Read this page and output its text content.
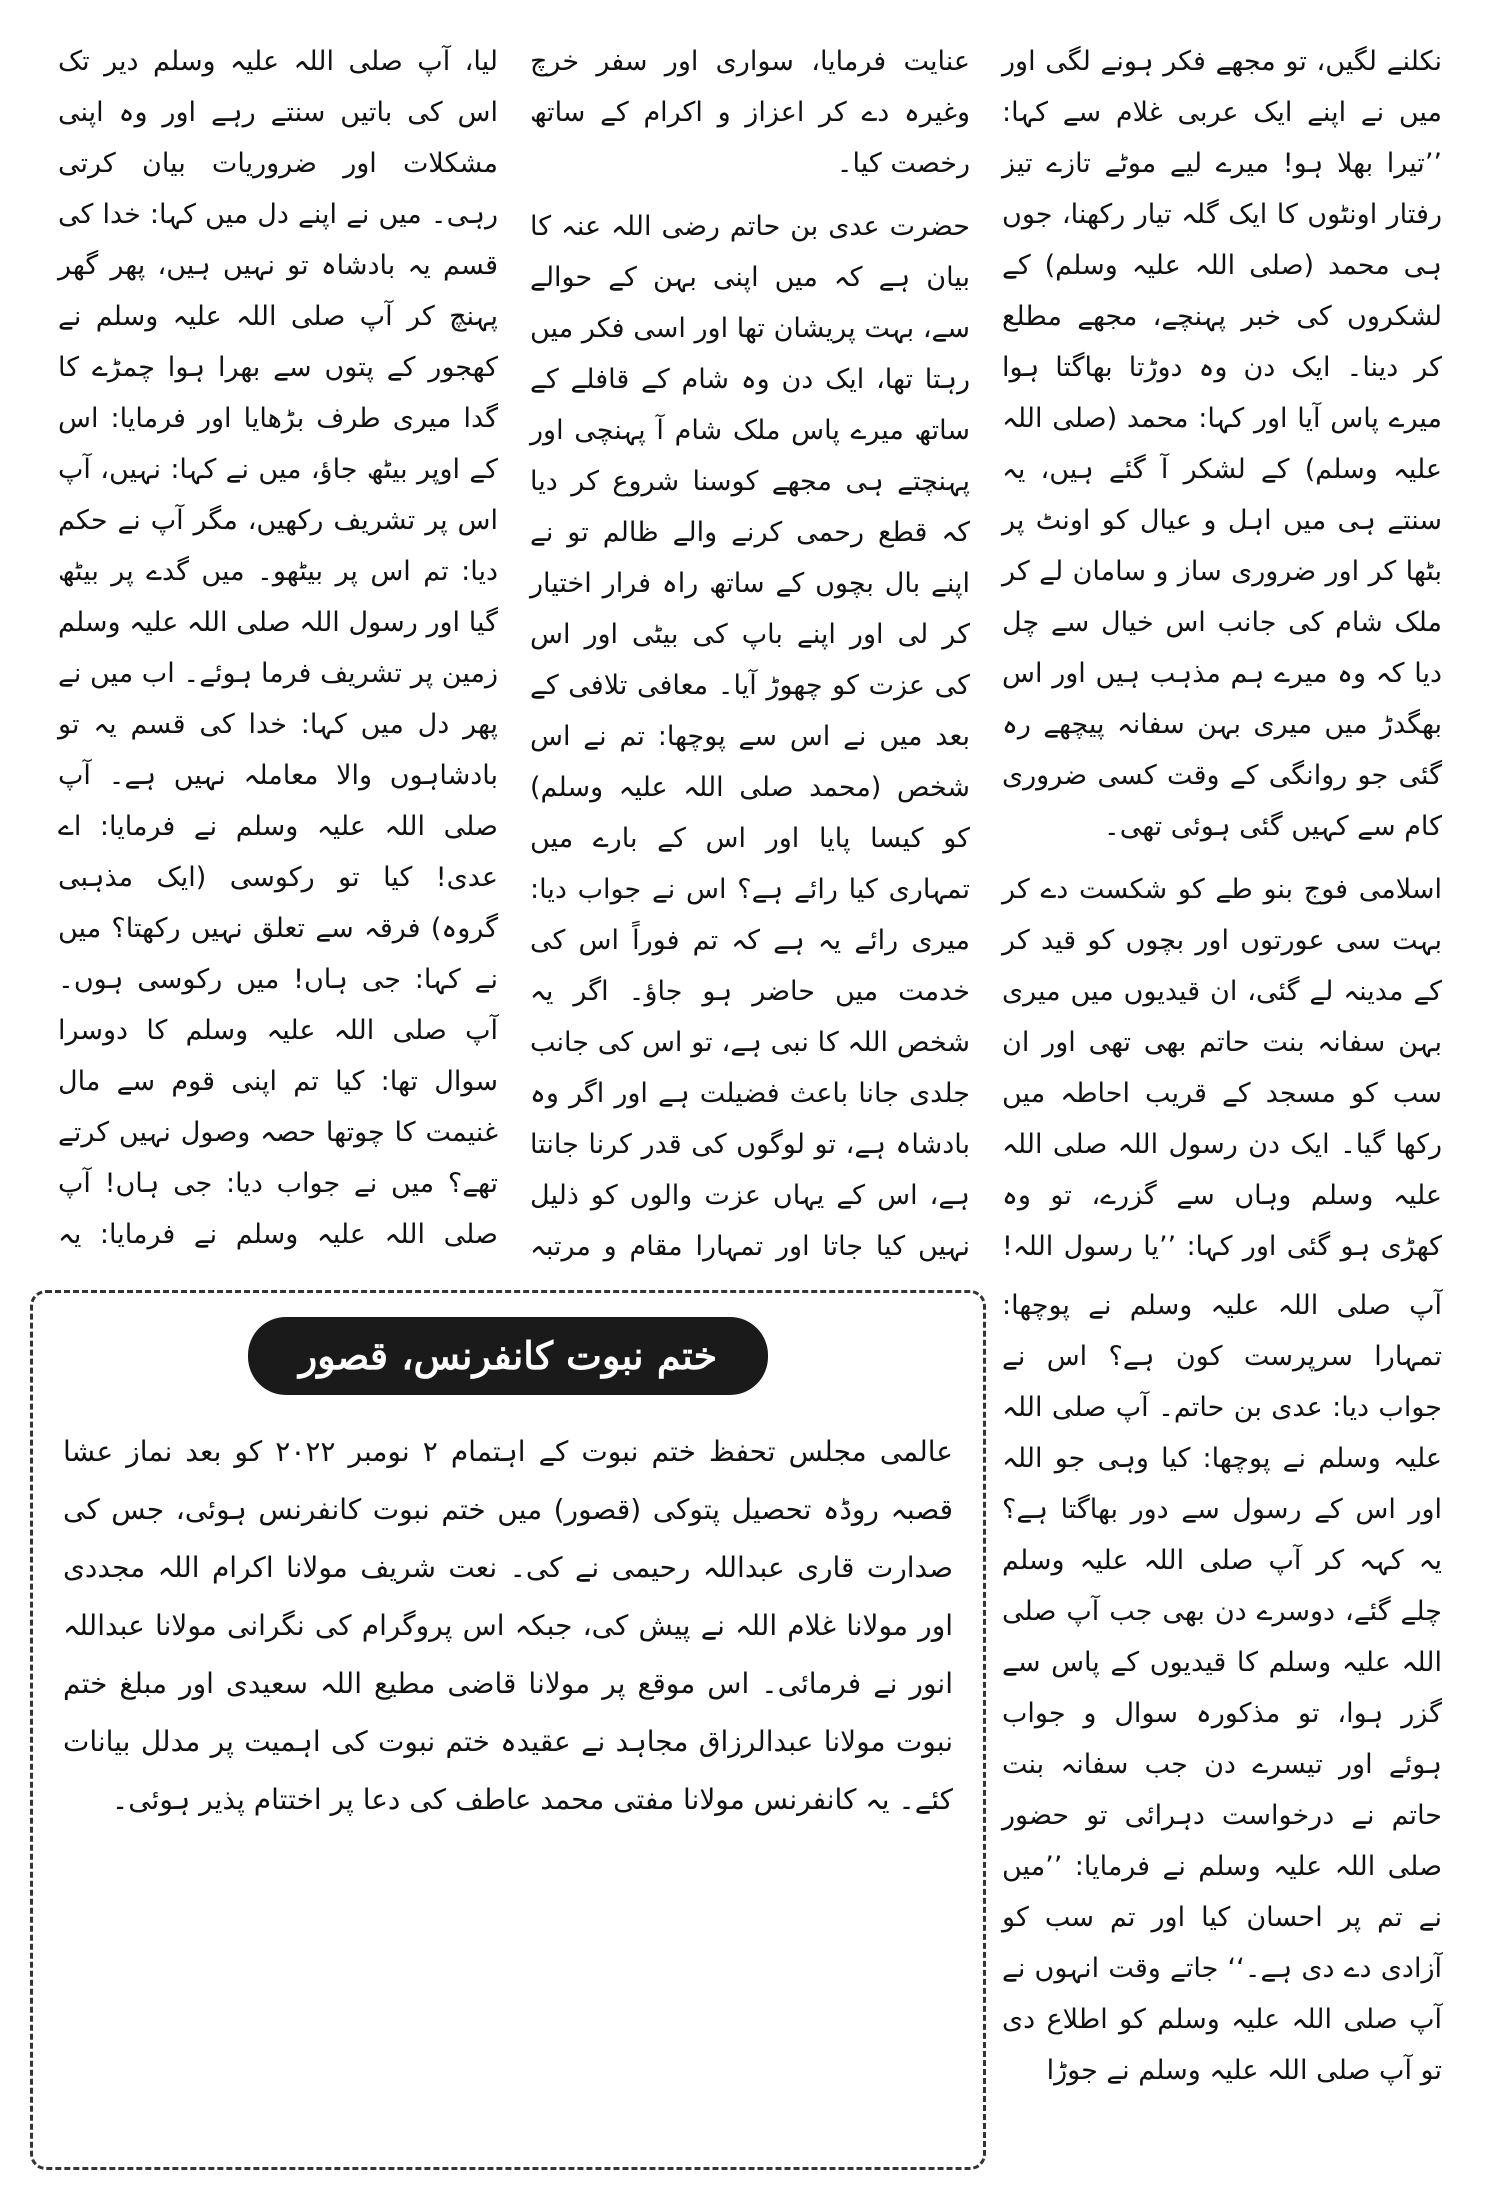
نکلنے لگیں، تو مجھے فکر ہونے لگی اور میں نے اپنے ایک عربی غلام سے کہا: ’’تیرا بھلا ہو! میرے لیے موٹے تازے تیز رفتار اونٹوں کا ایک گلہ تیار رکھنا، جوں ہی محمد (صلی اللہ علیہ وسلم) کے لشکروں کی خبر پہنچے، مجھے مطلع کر دینا۔ ایک دن وہ دوڑتا بھاگتا ہوا میرے پاس آیا اور کہا: محمد (صلی اللہ علیہ وسلم) کے لشکر آ گئے ہیں، یہ سنتے ہی میں اہل و عیال کو اونٹ پر بٹھا کر اور ضروری ساز و سامان لے کر ملک شام کی جانب اس خیال سے چل دیا کہ وہ میرے ہم مذہب ہیں اور اس بھگدڑ میں میری بہن سفانہ پیچھے رہ گئی جو روانگی کے وقت کسی ضروری کام سے کہیں گئی ہوئی تھی۔

اسلامی فوج بنو طے کو شکست دے کر بہت سی عورتوں اور بچوں کو قید کر کے مدینہ لے گئی، ان قیدیوں میں میری بہن سفانہ بنت حاتم بھی تھی اور ان سب کو مسجد کے قریب احاطہ میں رکھا گیا۔ ایک دن رسول اللہ صلی اللہ علیہ وسلم وہاں سے گزرے، تو وہ کھڑی ہو گئی اور کہا: ’’یا رسول اللہ!

عنایت فرمایا، سواری اور سفر خرچ وغیرہ دے کر اعزاز و اکرام کے ساتھ رخصت کیا۔

حضرت عدی بن حاتم رضی اللہ عنہ کا بیان ہے کہ میں اپنی بہن کے حوالے سے، بہت پریشان تھا اور اسی فکر میں رہتا تھا، ایک دن وہ شام کے قافلے کے ساتھ میرے پاس ملک شام آ پہنچی اور پہنچتے ہی مجھے کوسنا شروع کر دیا کہ قطع رحمی کرنے والے ظالم تو نے اپنے بال بچوں کے ساتھ راہ فرار اختیار کر لی اور اپنے باپ کی بیٹی اور اس کی عزت کو چھوڑ آیا۔ معافی تلافی کے بعد میں نے اس سے پوچھا: تم نے اس شخص (محمد صلی اللہ علیہ وسلم) کو کیسا پایا اور اس کے بارے میں تمہاری کیا رائے ہے؟ اس نے جواب دیا: میری رائے یہ ہے کہ تم فوراً اس کی خدمت میں حاضر ہو جاؤ۔ اگر یہ شخص اللہ کا نبی ہے، تو اس کی جانب جلدی جانا باعث فضیلت ہے اور اگر وہ بادشاہ ہے، تو لوگوں کی قدر کرنا جانتا ہے، اس کے یہاں عزت والوں کو ذلیل نہیں کیا جاتا اور تمہارا مقام و مرتبہ

لیا، آپ صلی اللہ علیہ وسلم دیر تک اس کی باتیں سنتے رہے اور وہ اپنی مشکلات اور ضروریات بیان کرتی رہی۔ میں نے اپنے دل میں کہا: خدا کی قسم یہ بادشاہ تو نہیں ہیں، پھر گھر پہنچ کر آپ صلی اللہ علیہ وسلم نے کھجور کے پتوں سے بھرا ہوا چمڑے کا گدا میری طرف بڑھایا اور فرمایا: اس کے اوپر بیٹھ جاؤ، میں نے کہا: نہیں، آپ اس پر تشریف رکھیں، مگر آپ نے حکم دیا: تم اس پر بیٹھو۔ میں گدے پر بیٹھ گیا اور رسول اللہ صلی اللہ علیہ وسلم زمین پر تشریف فرما ہوئے۔ اب میں نے پھر دل میں کہا: خدا کی قسم یہ تو بادشاہوں والا معاملہ نہیں ہے۔ آپ صلی اللہ علیہ وسلم نے فرمایا: اے عدی! کیا تو رکوسی (ایک مذہبی گروہ) فرقہ سے تعلق نہیں رکھتا؟ میں نے کہا: جی ہاں! میں رکوسی ہوں۔ آپ صلی اللہ علیہ وسلم کا دوسرا سوال تھا: کیا تم اپنی قوم سے مال غنیمت کا چوتھا حصہ وصول نہیں کرتے تھے؟ میں نے جواب دیا: جی ہاں! آپ صلی اللہ علیہ وسلم نے فرمایا: یہ

آپ صلی اللہ علیہ وسلم نے پوچھا: تمہارا سرپرست کون ہے؟ اس نے جواب دیا: عدی بن حاتم۔ آپ صلی اللہ علیہ وسلم نے پوچھا: کیا وہی جو اللہ اور اس کے رسول سے دور بھاگتا ہے؟ یہ کہہ کر آپ صلی اللہ علیہ وسلم چلے گئے، دوسرے دن بھی جب آپ صلی اللہ علیہ وسلم کا قیدیوں کے پاس سے گزر ہوا، تو مذکورہ سوال و جواب ہوئے اور تیسرے دن جب سفانہ بنت حاتم نے درخواست دہرائی تو حضور صلی اللہ علیہ وسلم نے فرمایا: ’’میں نے تم پر احسان کیا اور تم سب کو آزادی دے دی ہے۔‘‘ جاتے وقت انہوں نے آپ صلی اللہ علیہ وسلم کو اطلاع دی تو آپ صلی اللہ علیہ وسلم نے جوڑا

ختم نبوت کانفرنس، قصور

عالمی مجلس تحفظ ختم نبوت کے اہتمام ۲ نومبر ۲۰۲۲ کو بعد نماز عشا قصبہ روڈہ تحصیل پتوکی (قصور) میں ختم نبوت کانفرنس ہوئی، جس کی صدارت قاری عبداللہ رحیمی نے کی۔ نعت شریف مولانا اکرام اللہ مجددی اور مولانا غلام اللہ نے پیش کی، جبکہ اس پروگرام کی نگرانی مولانا عبداللہ انور نے فرمائی۔ اس موقع پر مولانا قاضی مطیع اللہ سعیدی اور مبلغ ختم نبوت مولانا عبدالرزاق مجاہد نے عقیدہ ختم نبوت کی اہمیت پر مدلل بیانات کئے۔ یہ کانفرنس مولانا مفتی محمد عاطف کی دعا پر اختتام پذیر ہوئی۔
